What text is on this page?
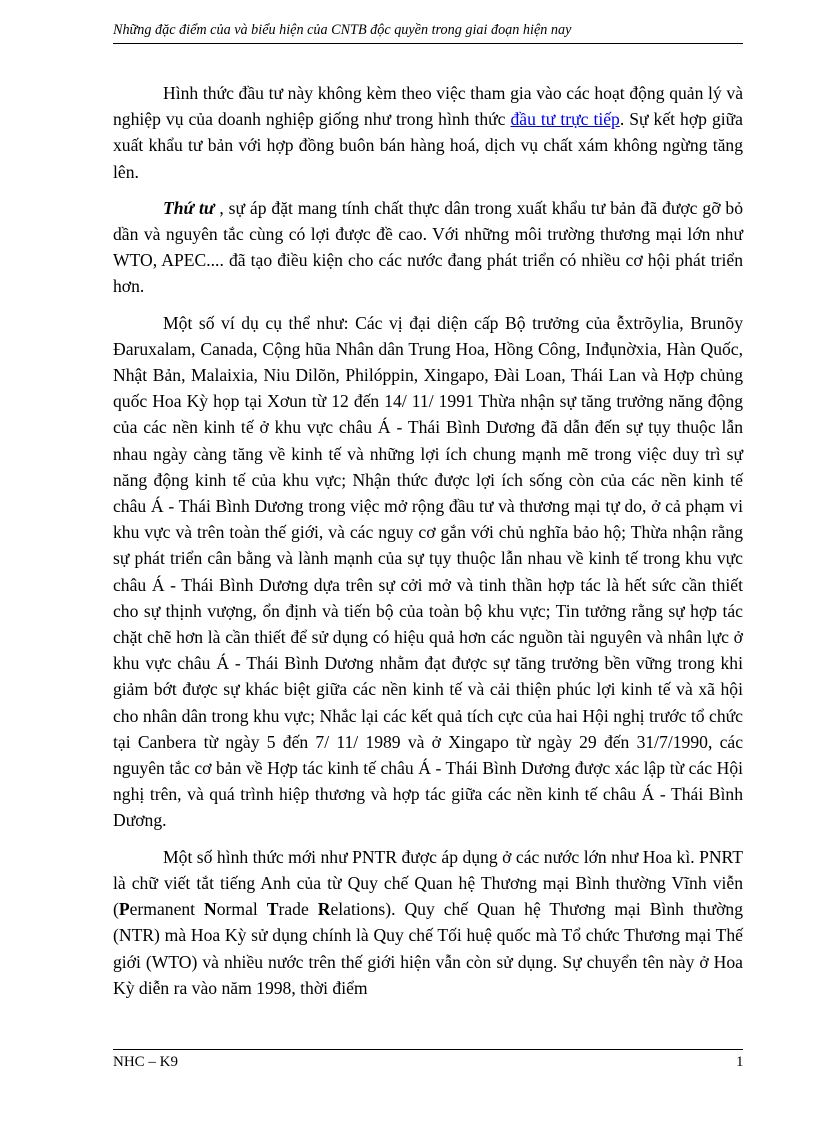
Những đặc điểm của và biểu hiện của CNTB độc quyền trong giai đoạn hiện nay

Hình thức đầu tư này không kèm theo việc tham gia vào các hoạt động quản lý và nghiệp vụ của doanh nghiệp giống như trong hình thức đầu tư trực tiếp. Sự kết hợp giữa xuất khẩu tư bản với hợp đồng buôn bán hàng hoá, dịch vụ chất xám không ngừng tăng lên.

Thứ tư , sự áp đặt mang tính chất thực dân trong xuất khẩu tư bản đã được gỡ bỏ dần và nguyên tắc cùng có lợi được đề cao. Với những môi trường thương mại lớn như WTO, APEC.... đã tạo điều kiện cho các nước đang phát triển có nhiều cơ hội phát triển hơn.

Một số ví dụ cụ thể như: Các vị đại diện cấp Bộ trưởng của ễxtrõylia, Brunõy Đaruxalam, Canada, Cộng hũa Nhân dân Trung Hoa, Hồng Công, Inđụnờxia, Hàn Quốc, Nhật Bản, Malaixia, Niu Dilõn, Philóppin, Xingapo, Đài Loan, Thái Lan và Hợp chủng quốc Hoa Kỳ họp tại Xơun từ 12 đến 14/ 11/ 1991 Thừa nhận sự tăng trưởng năng động của các nền kinh tế ở khu vực châu Á - Thái Bình Dương đã dẫn đến sự tụy thuộc lẫn nhau ngày càng tăng về kinh tế và những lợi ích chung mạnh mẽ trong việc duy trì sự năng động kinh tế của khu vực; Nhận thức được lợi ích sống còn của các nền kinh tế châu Á - Thái Bình Dương trong việc mở rộng đầu tư và thương mại tự do, ở cả phạm vi khu vực và trên toàn thế giới, và các nguy cơ gắn với chủ nghĩa bảo hộ; Thừa nhận rằng sự phát triển cân bằng và lành mạnh của sự tụy thuộc lẫn nhau về kinh tế trong khu vực châu Á - Thái Bình Dương dựa trên sự cởi mở và tinh thần hợp tác là hết sức cần thiết cho sự thịnh vượng, ổn định và tiến bộ của toàn bộ khu vực; Tin tưởng rằng sự hợp tác chặt chẽ hơn là cần thiết để sử dụng có hiệu quả hơn các nguồn tài nguyên và nhân lực ở khu vực châu Á - Thái Bình Dương nhằm đạt được sự tăng trưởng bền vững trong khi giảm bớt được sự khác biệt giữa các nền kinh tế và cải thiện phúc lợi kinh tế và xã hội cho nhân dân trong khu vực; Nhắc lại các kết quả tích cực của hai Hội nghị trước tổ chức tại Canbera từ ngày 5 đến 7/ 11/ 1989 và ở Xingapo từ ngày 29 đến 31/7/1990, các nguyên tắc cơ bản về Hợp tác kinh tế châu Á - Thái Bình Dương được xác lập từ các Hội nghị trên, và quá trình hiệp thương và hợp tác giữa các nền kinh tế châu Á - Thái Bình Dương.

Một số hình thức mới như PNTR được áp dụng ở các nước lớn như Hoa kì. PNRT là chữ viết tắt tiếng Anh của từ Quy chế Quan hệ Thương mại Bình thường Vĩnh viễn (Permanent Normal Trade Relations). Quy chế Quan hệ Thương mại Bình thường (NTR) mà Hoa Kỳ sử dụng chính là Quy chế Tối huệ quốc mà Tổ chức Thương mại Thế giới (WTO) và nhiều nước trên thế giới hiện vẫn còn sử dụng. Sự chuyển tên này ở Hoa Kỳ diễn ra vào năm 1998, thời điểm

NHC – K9	1
